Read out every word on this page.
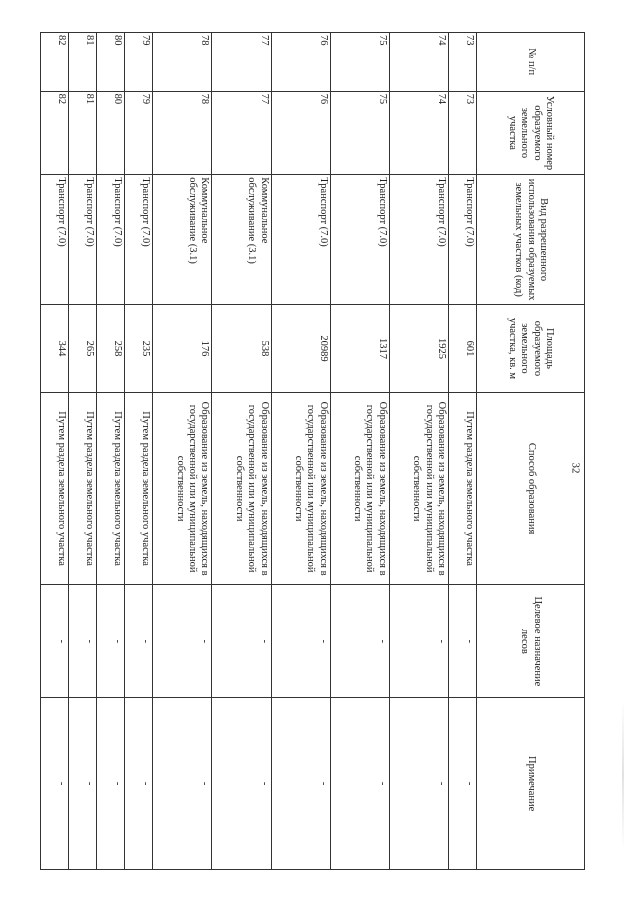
32
№ п/п	Условный номер образуемого земельного участка	Вид разрешенного использования образуемых земельных участков (код)	Площадь образуемого земельного участка, кв. м	Способ образования	Целевое назначение лесов	Примечание
73	73	Транспорт (7.0)	601	Путем раздела земельного участка	-	-
74	74	Транспорт (7.0)	1925	Образование из земель, находящихся в государственной или муниципальной собственности	-	-
75	75	Транспорт (7.0)	1317	Образование из земель, находящихся в государственной или муниципальной собственности	-	-
76	76	Транспорт (7.0)	20989	Образование из земель, находящихся в государственной или муниципальной собственности	-	-
77	77	Коммунальное обслуживание (3.1)	538	Образование из земель, находящихся в государственной или муниципальной собственности	-	-
78	78	Коммунальное обслуживание (3.1)	176	Образование из земель, находящихся в государственной или муниципальной собственности	-	-
79	79	Транспорт (7.0)	235	Путем раздела земельного участка	-	-
80	80	Транспорт (7.0)	258	Путем раздела земельного участка	-	-
81	81	Транспорт (7.0)	265	Путем раздела земельного участка	-	-
82	82	Транспорт (7.0)	344	Путем раздела земельного участка	-	-
